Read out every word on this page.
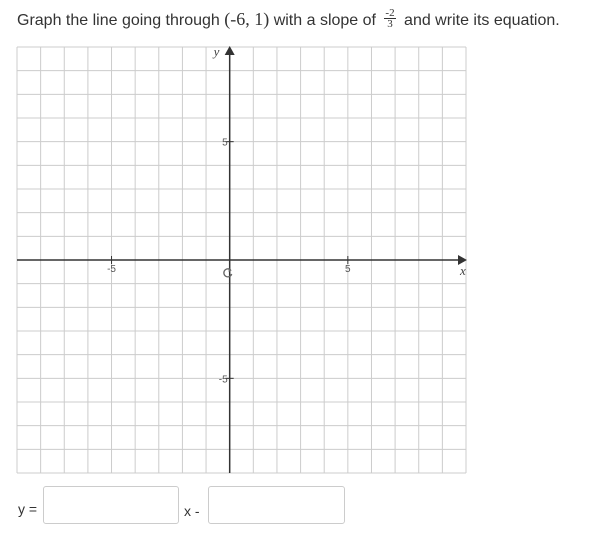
Graph the line going through (-6, 1) with a slope of $\frac{-2}{3}$ and write its equation.
x
y
-5	5
5
-5
y =	x -
